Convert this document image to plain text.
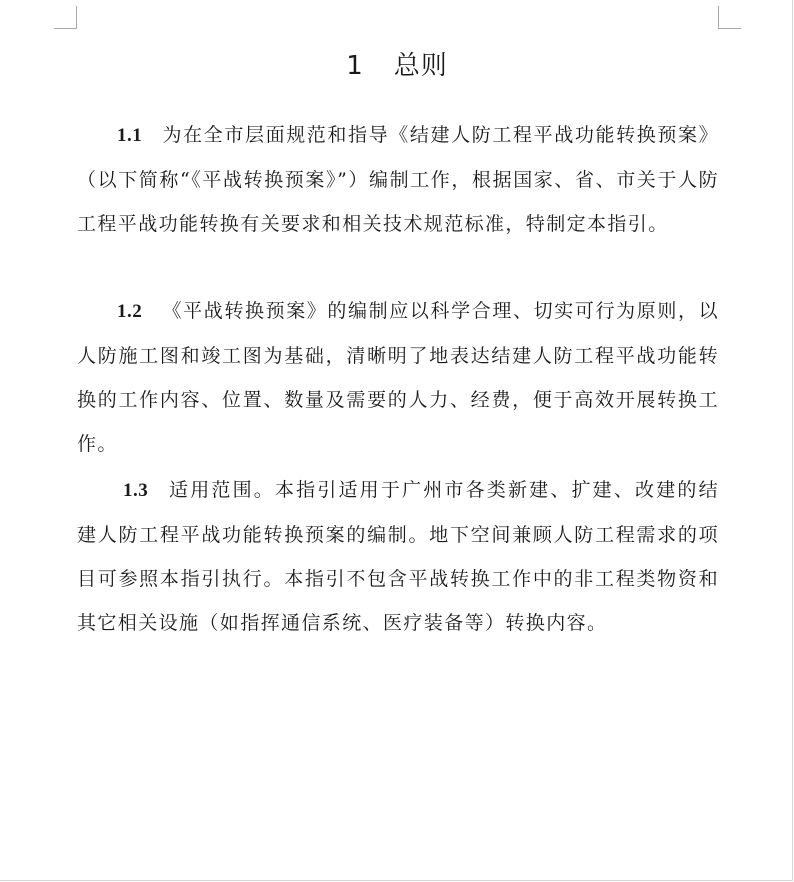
1 总则

1.1 为在全市层面规范和指导《结建人防工程平战功能转换预案》（以下简称“《平战转换预案》”）编制工作，根据国家、省、市关于人防工程平战功能转换有关要求和相关技术规范标准，特制定本指引。

1.2 《平战转换预案》的编制应以科学合理、切实可行为原则，以人防施工图和竣工图为基础，清晰明了地表达结建人防工程平战功能转换的工作内容、位置、数量及需要的人力、经费，便于高效开展转换工作。

1.3 适用范围。本指引适用于广州市各类新建、扩建、改建的结建人防工程平战功能转换预案的编制。地下空间兼顾人防工程需求的项目可参照本指引执行。本指引不包含平战转换工作中的非工程类物资和其它相关设施（如指挥通信系统、医疗装备等）转换内容。
